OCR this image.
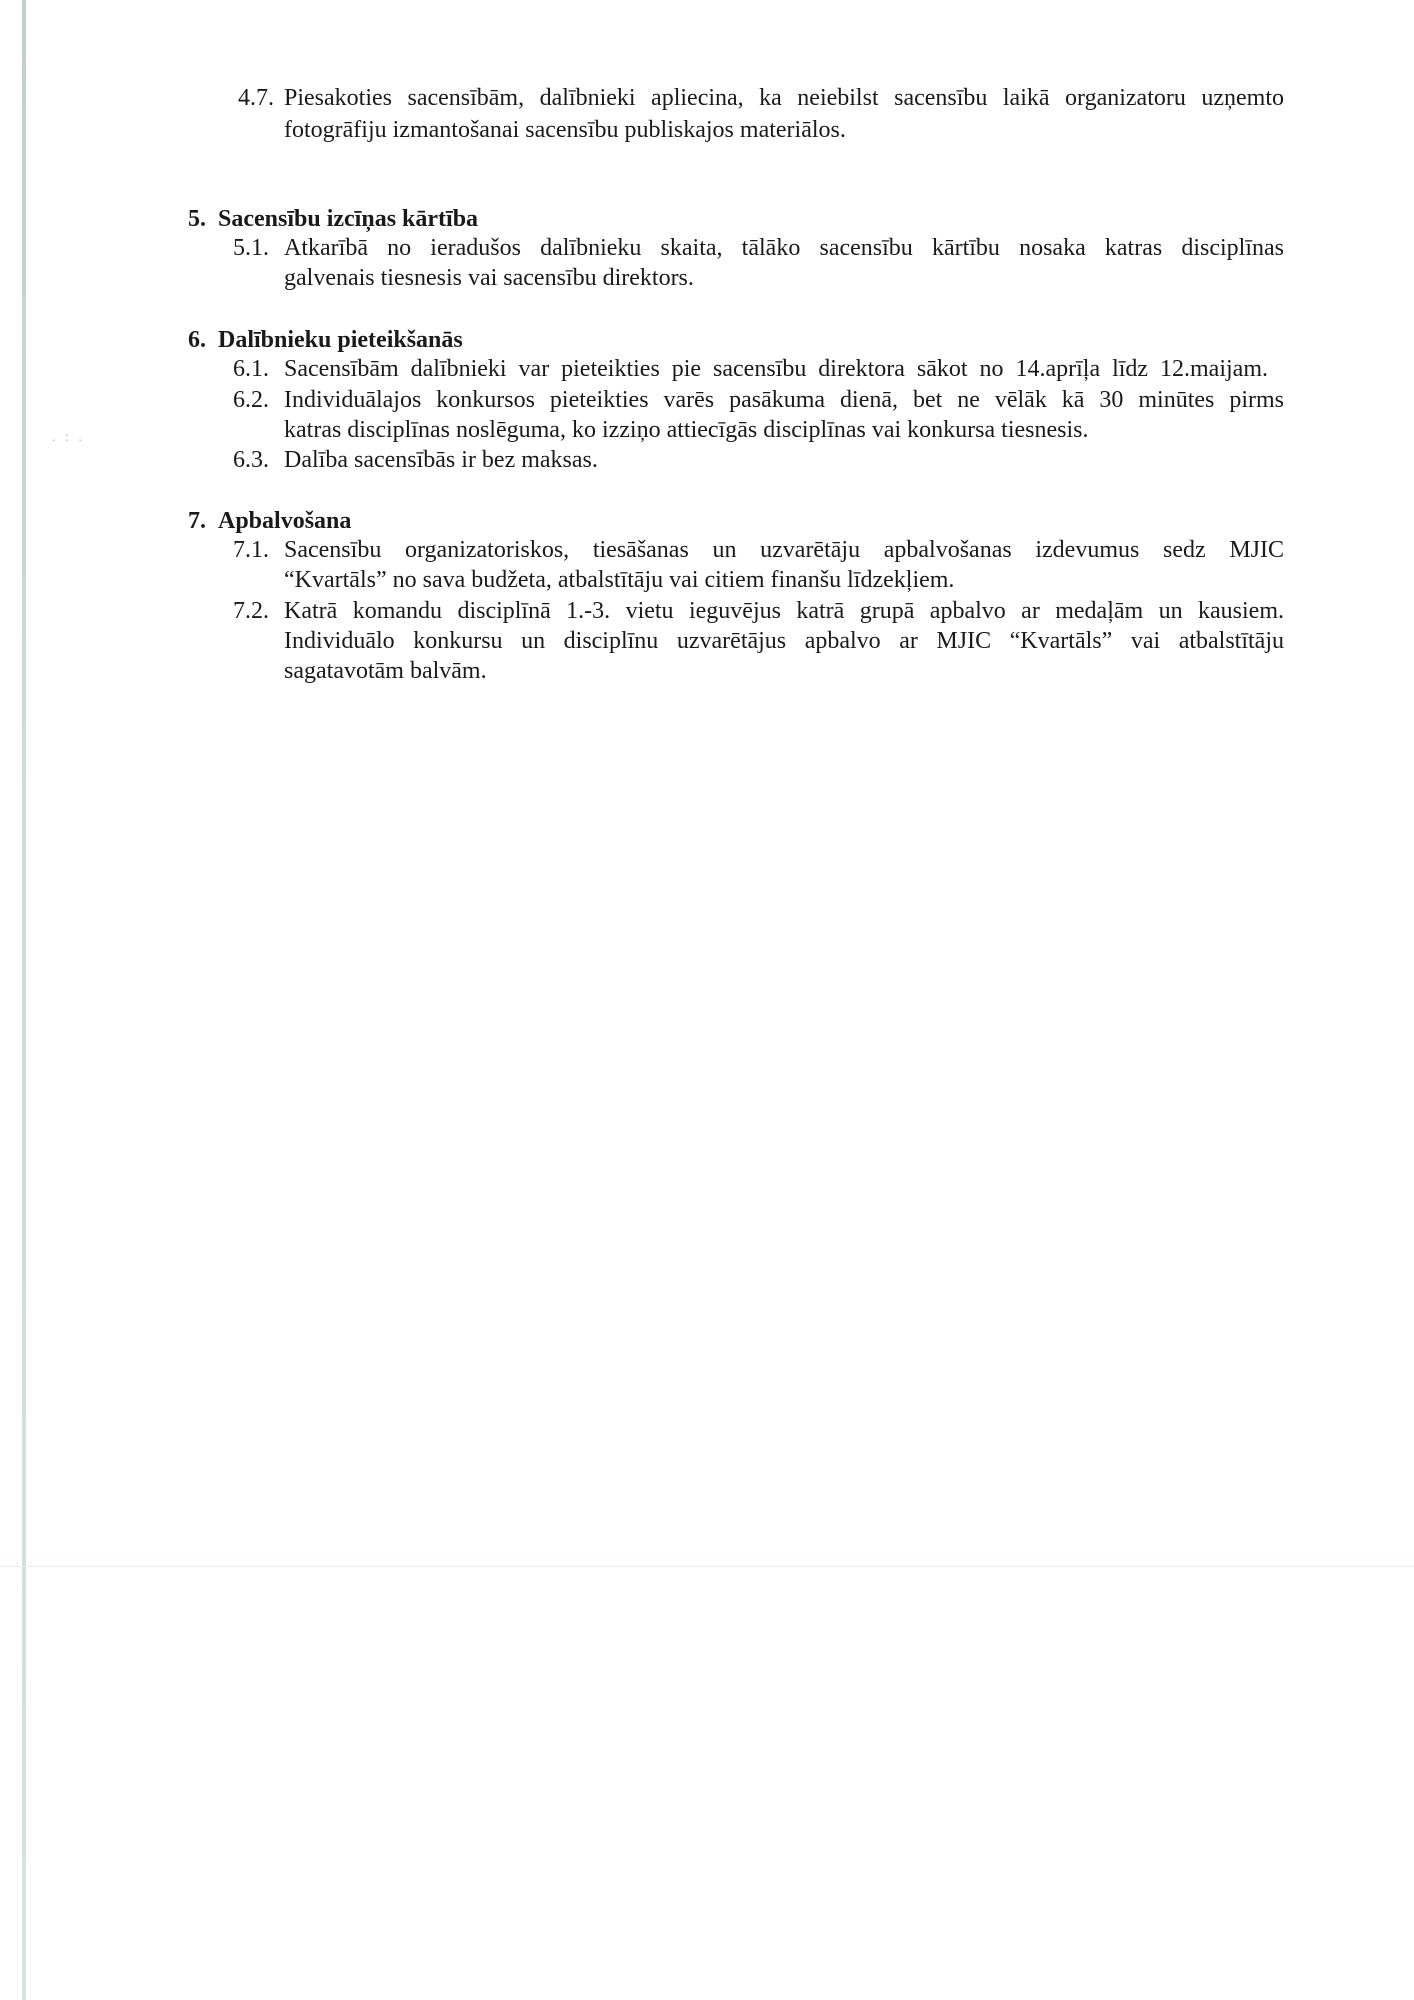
. : .
4.7. Piesakoties sacensībām, dalībnieki apliecina, ka neiebilst sacensību laikā organizatoru uzņemto
fotogrāfiju izmantošanai sacensību publiskajos materiālos.
5. Sacensību izcīņas kārtība
5.1. Atkarībā no ieradušos dalībnieku skaita, tālāko sacensību kārtību nosaka katras disciplīnas
galvenais tiesnesis vai sacensību direktors.
6. Dalībnieku pieteikšanās
6.1. Sacensībām dalībnieki var pieteikties pie sacensību direktora sākot no 14.aprīļa līdz 12.maijam.
6.2. Individuālajos konkursos pieteikties varēs pasākuma dienā, bet ne vēlāk kā 30 minūtes pirms
katras disciplīnas noslēguma, ko izziņo attiecīgās disciplīnas vai konkursa tiesnesis.
6.3. Dalība sacensībās ir bez maksas.
7. Apbalvošana
7.1. Sacensību organizatoriskos, tiesāšanas un uzvarētāju apbalvošanas izdevumus sedz MJIC
“Kvartāls” no sava budžeta, atbalstītāju vai citiem finanšu līdzekļiem.
7.2. Katrā komandu disciplīnā 1.-3. vietu ieguvējus katrā grupā apbalvo ar medaļām un kausiem.
Individuālo konkursu un disciplīnu uzvarētājus apbalvo ar MJIC “Kvartāls” vai atbalstītāju
sagatavotām balvām.
